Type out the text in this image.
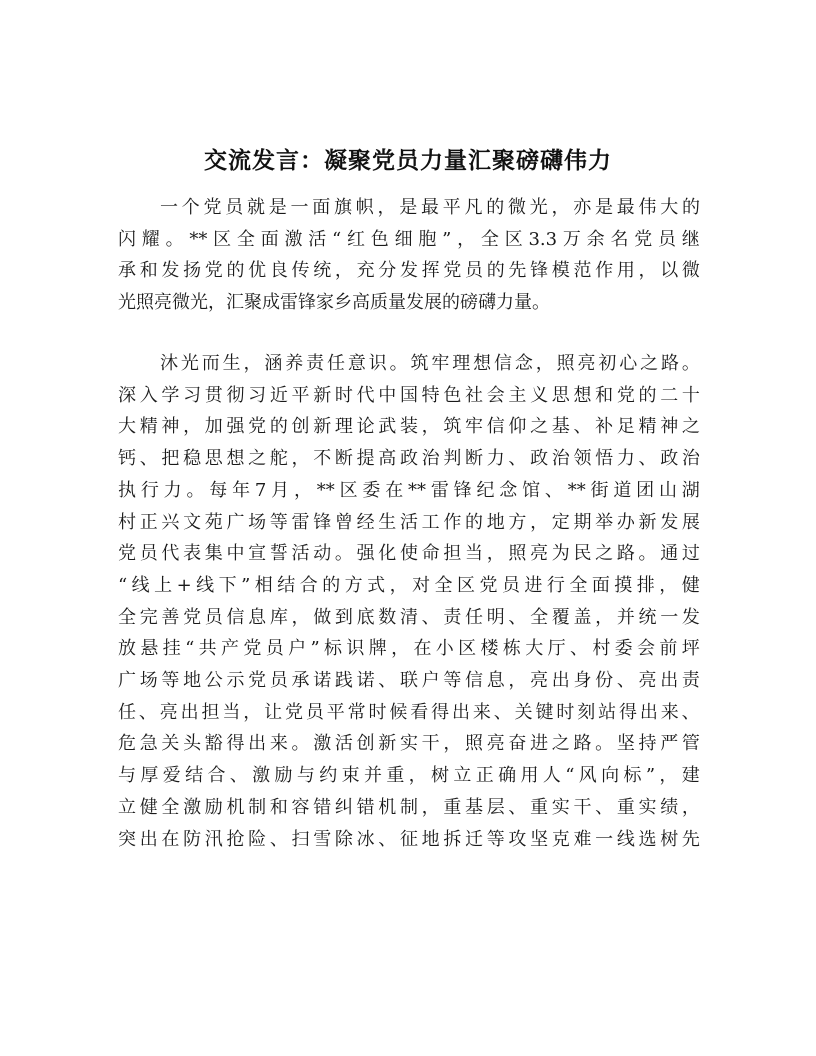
交流发言：凝聚党员力量汇聚磅礴伟力
一 个 党 员 就 是 一 面 旗 帜 ， 是 最 平 凡 的 微 光 ， 亦 是 最 伟 大 的
闪 耀 。 ** 区 全 面 激 活 “ 红 色 细 胞 ” ， 全 区 3.3 万 余 名 党 员 继
承 和 发 扬 党 的 优 良 传 统 ， 充 分 发 挥 党 员 的 先 锋 模 范 作 用 ， 以 微
光 照 亮 微 光 ， 汇 聚 成 雷 锋 家 乡 高 质 量 发 展 的 磅 礴 力 量 。
沐 光 而 生 ， 涵 养 责 任 意 识 。 筑 牢 理 想 信 念 ， 照 亮 初 心 之 路 。
深 入 学 习 贯 彻 习 近 平 新 时 代 中 国 特 色 社 会 主 义 思 想 和 党 的 二 十
大 精 神 ， 加 强 党 的 创 新 理 论 武 装 ， 筑 牢 信 仰 之 基 、 补 足 精 神 之
钙 、 把 稳 思 想 之 舵 ， 不 断 提 高 政 治 判 断 力 、 政 治 领 悟 力 、 政 治
执 行 力 。 每 年 7 月 ， ** 区 委 在 ** 雷 锋 纪 念 馆 、 ** 街 道 团 山 湖
村 正 兴 文 苑 广 场 等 雷 锋 曾 经 生 活 工 作 的 地 方 ， 定 期 举 办 新 发 展
党 员 代 表 集 中 宣 誓 活 动 。 强 化 使 命 担 当 ， 照 亮 为 民 之 路 。 通 过
“ 线 上 + 线 下 ” 相 结 合 的 方 式 ， 对 全 区 党 员 进 行 全 面 摸 排 ， 健
全 完 善 党 员 信 息 库 ， 做 到 底 数 清 、 责 任 明 、 全 覆 盖 ， 并 统 一 发
放 悬 挂 “ 共 产 党 员 户 ” 标 识 牌 ， 在 小 区 楼 栋 大 厅 、 村 委 会 前 坪
广 场 等 地 公 示 党 员 承 诺 践 诺 、 联 户 等 信 息 ， 亮 出 身 份 、 亮 出 责
任 、 亮 出 担 当 ， 让 党 员 平 常 时 候 看 得 出 来 、 关 键 时 刻 站 得 出 来 、
危 急 关 头 豁 得 出 来 。 激 活 创 新 实 干 ， 照 亮 奋 进 之 路 。 坚 持 严 管
与 厚 爱 结 合 、 激 励 与 约 束 并 重 ， 树 立 正 确 用 人 “ 风 向 标 ” ， 建
立 健 全 激 励 机 制 和 容 错 纠 错 机 制 ， 重 基 层 、 重 实 干 、 重 实 绩 ，
突 出 在 防 汛 抢 险 、 扫 雪 除 冰 、 征 地 拆 迁 等 攻 坚 克 难 一 线 选 树 先
